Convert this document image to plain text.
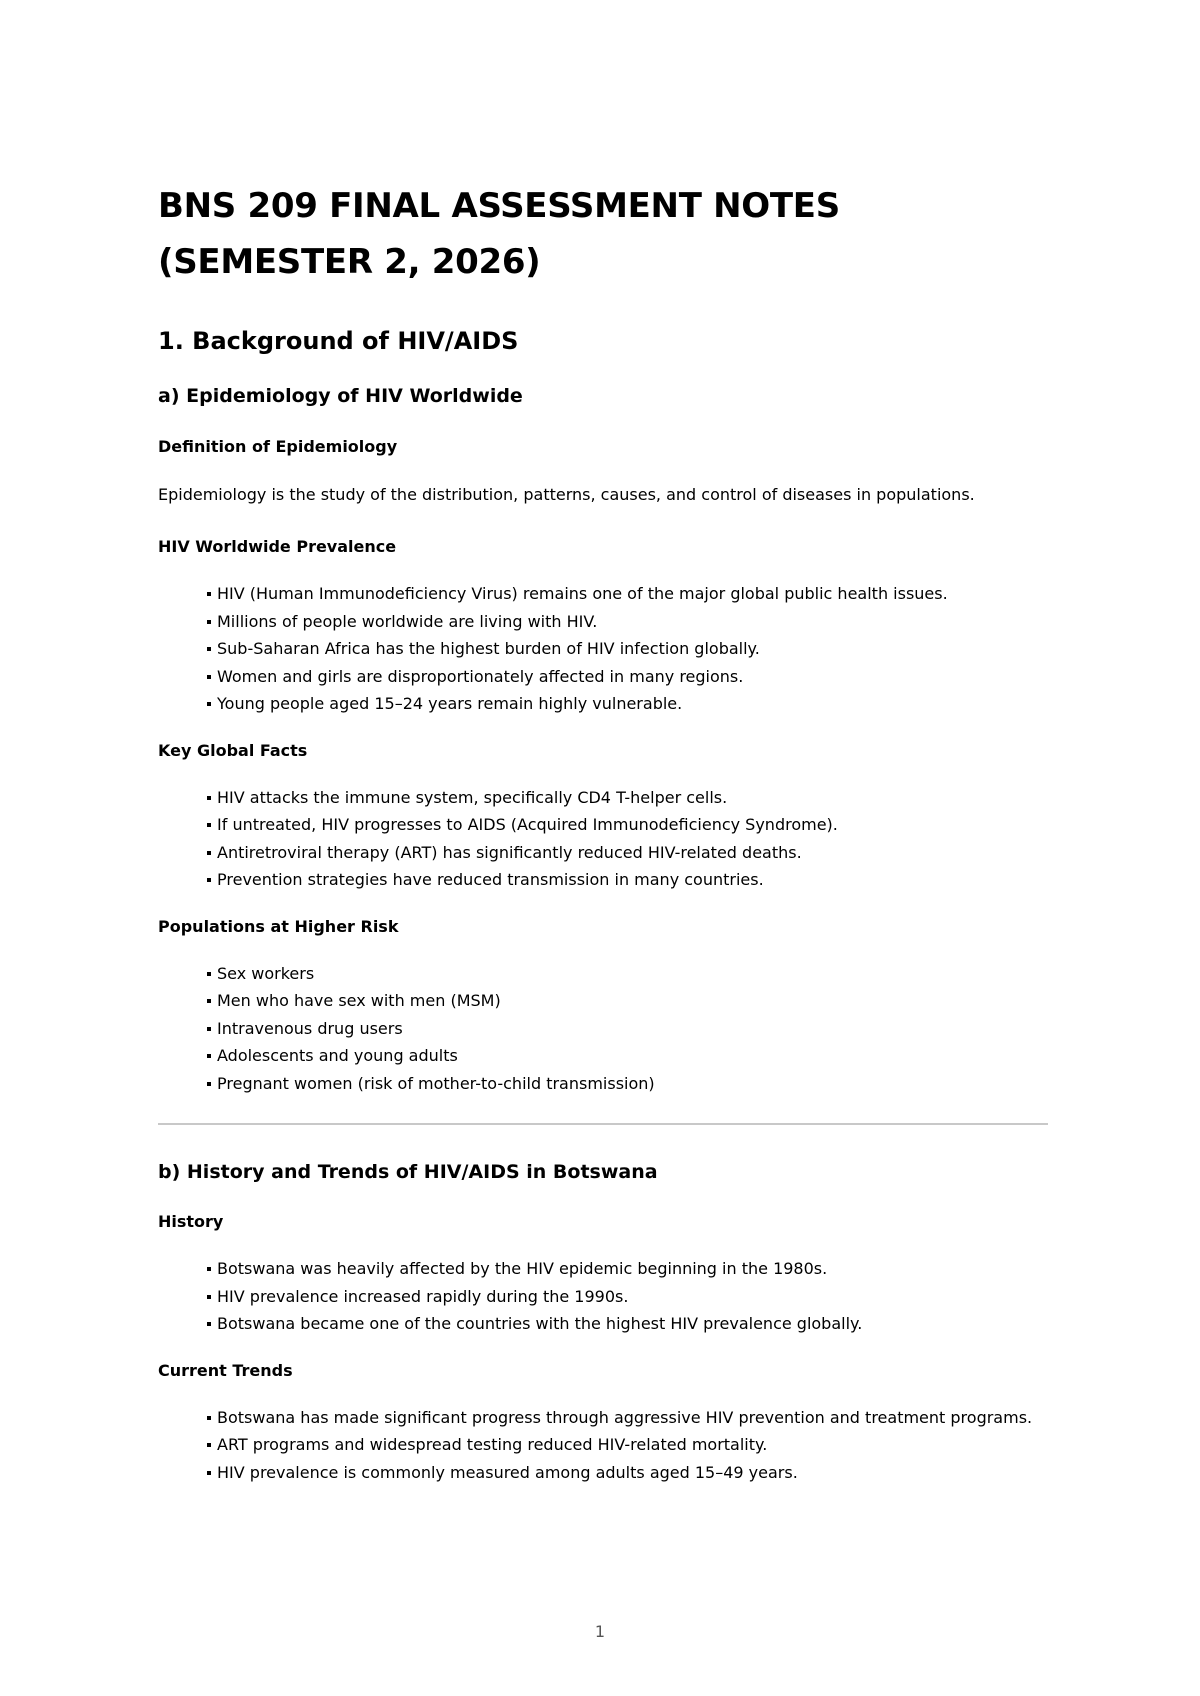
BNS 209 FINAL ASSESSMENT NOTES (SEMESTER 2, 2026)
1. Background of HIV/AIDS
a) Epidemiology of HIV Worldwide
Definition of Epidemiology

Epidemiology is the study of the distribution, patterns, causes, and control of diseases in populations.

HIV Worldwide Prevalence
HIV (Human Immunodeficiency Virus) remains one of the major global public health issues.
Millions of people worldwide are living with HIV.
Sub-Saharan Africa has the highest burden of HIV infection globally.
Women and girls are disproportionately affected in many regions.
Young people aged 15–24 years remain highly vulnerable.
Key Global Facts
HIV attacks the immune system, specifically CD4 T-helper cells.
If untreated, HIV progresses to AIDS (Acquired Immunodeficiency Syndrome).
Antiretroviral therapy (ART) has significantly reduced HIV-related deaths.
Prevention strategies have reduced transmission in many countries.
Populations at Higher Risk
Sex workers
Men who have sex with men (MSM)
Intravenous drug users
Adolescents and young adults
Pregnant women (risk of mother-to-child transmission)
b) History and Trends of HIV/AIDS in Botswana
History
Botswana was heavily affected by the HIV epidemic beginning in the 1980s.
HIV prevalence increased rapidly during the 1990s.
Botswana became one of the countries with the highest HIV prevalence globally.
Current Trends
Botswana has made significant progress through aggressive HIV prevention and treatment programs.
ART programs and widespread testing reduced HIV-related mortality.
HIV prevalence is commonly measured among adults aged 15–49 years.
1
